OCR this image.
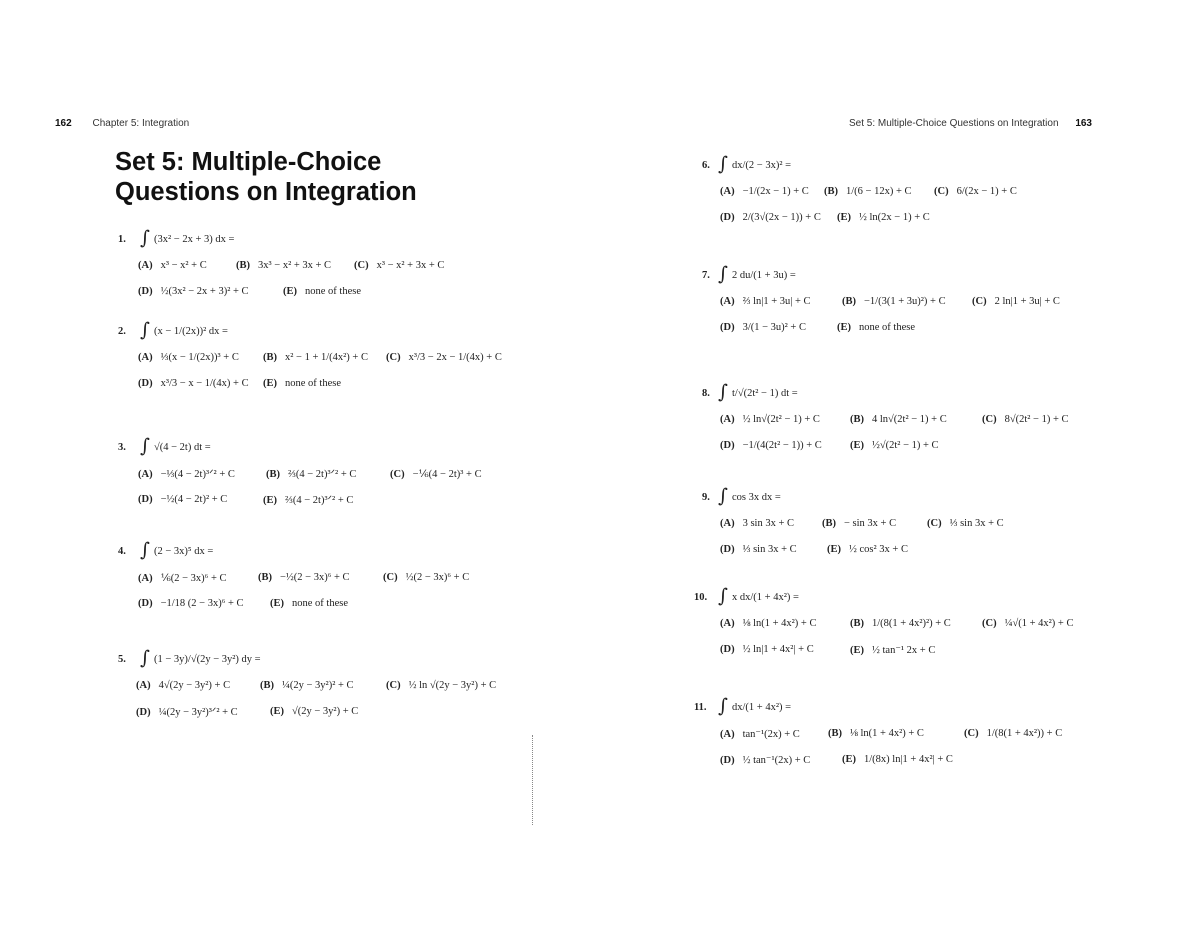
162 Chapter 5: Integration
Set 5: Multiple-Choice
Questions on Integration
1. ∫ (3x² − 2x + 3) dx =
(A) x³ − x² + C	(B) 3x³ − x² + 3x + C (C) x³ − x² + 3x + C
(D) ½(3x² − 2x + 3)² + C	(E) none of these
2. ∫ (x − 1/(2x))² dx =
(A) ⅓(x − 1/(2x))³ + C (B) x² − 1 + 1/(4x²) + C (C) x³/3 − 2x − 1/(4x) + C
(D) x³/3 − x − 1/(4x) + C (E) none of these
3. ∫ √(4 − 2t) dt =
(A) −⅓(4 − 2t)³ᐟ² + C	(B) ⅔(4 − 2t)³ᐟ² + C	(C) −⅙(4 − 2t)³ + C
(D) −½(4 − 2t)² + C	(E) ⅔(4 − 2t)³ᐟ² + C
4. ∫ (2 − 3x)⁵ dx =
(A) ⅙(2 − 3x)⁶ + C	(B) −½(2 − 3x)⁶ + C	(C) ½(2 − 3x)⁶ + C
(D) −1/18 (2 − 3x)⁶ + C	(E) none of these
5. ∫ (1 − 3y)/√(2y − 3y²) dy =
(A) 4√(2y − 3y²) + C	(B) ¼(2y − 3y²)² + C	(C) ½ ln √(2y − 3y²) + C
(D) ¼(2y − 3y²)³ᐟ² + C	(E) √(2y − 3y²) + C
Set 5: Multiple-Choice Questions on Integration 163
6. ∫ dx/(2 − 3x)² =
(A) −1/(2x − 1) + C (B) 1/(6 − 12x) + C (C) 6/(2x − 1) + C
(D) 2/(3√(2x − 1)) + C (E) ½ ln(2x − 1) + C
7. ∫ 2 du/(1 + 3u) =
(A) ⅔ ln|1 + 3u| + C	(B) −1/(3(1 + 3u)²) + C	(C) 2 ln|1 + 3u| + C
(D) 3/(1 − 3u)² + C	(E) none of these
8. ∫ t/√(2t² − 1) dt =
(A) ½ ln√(2t² − 1) + C	(B) 4 ln√(2t² − 1) + C	(C) 8√(2t² − 1) + C
(D) −1/(4(2t² − 1)) + C	(E) ½√(2t² − 1) + C
9. ∫ cos 3x dx =
(A) 3 sin 3x + C	(B) − sin 3x + C	(C) ⅓ sin 3x + C
(D) ⅓ sin 3x + C	(E) ½ cos² 3x + C
10. ∫ x dx/(1 + 4x²) =
(A) ⅛ ln(1 + 4x²) + C	(B) 1/(8(1 + 4x²)²) + C	(C) ¼√(1 + 4x²) + C
(D) ½ ln|1 + 4x²| + C	(E) ½ tan⁻¹ 2x + C
11. ∫ dx/(1 + 4x²) =
(A) tan⁻¹(2x) + C	(B) ⅛ ln(1 + 4x²) + C	(C) 1/(8(1 + 4x²)) + C
(D) ½ tan⁻¹(2x) + C	(E) 1/(8x) ln|1 + 4x²| + C
